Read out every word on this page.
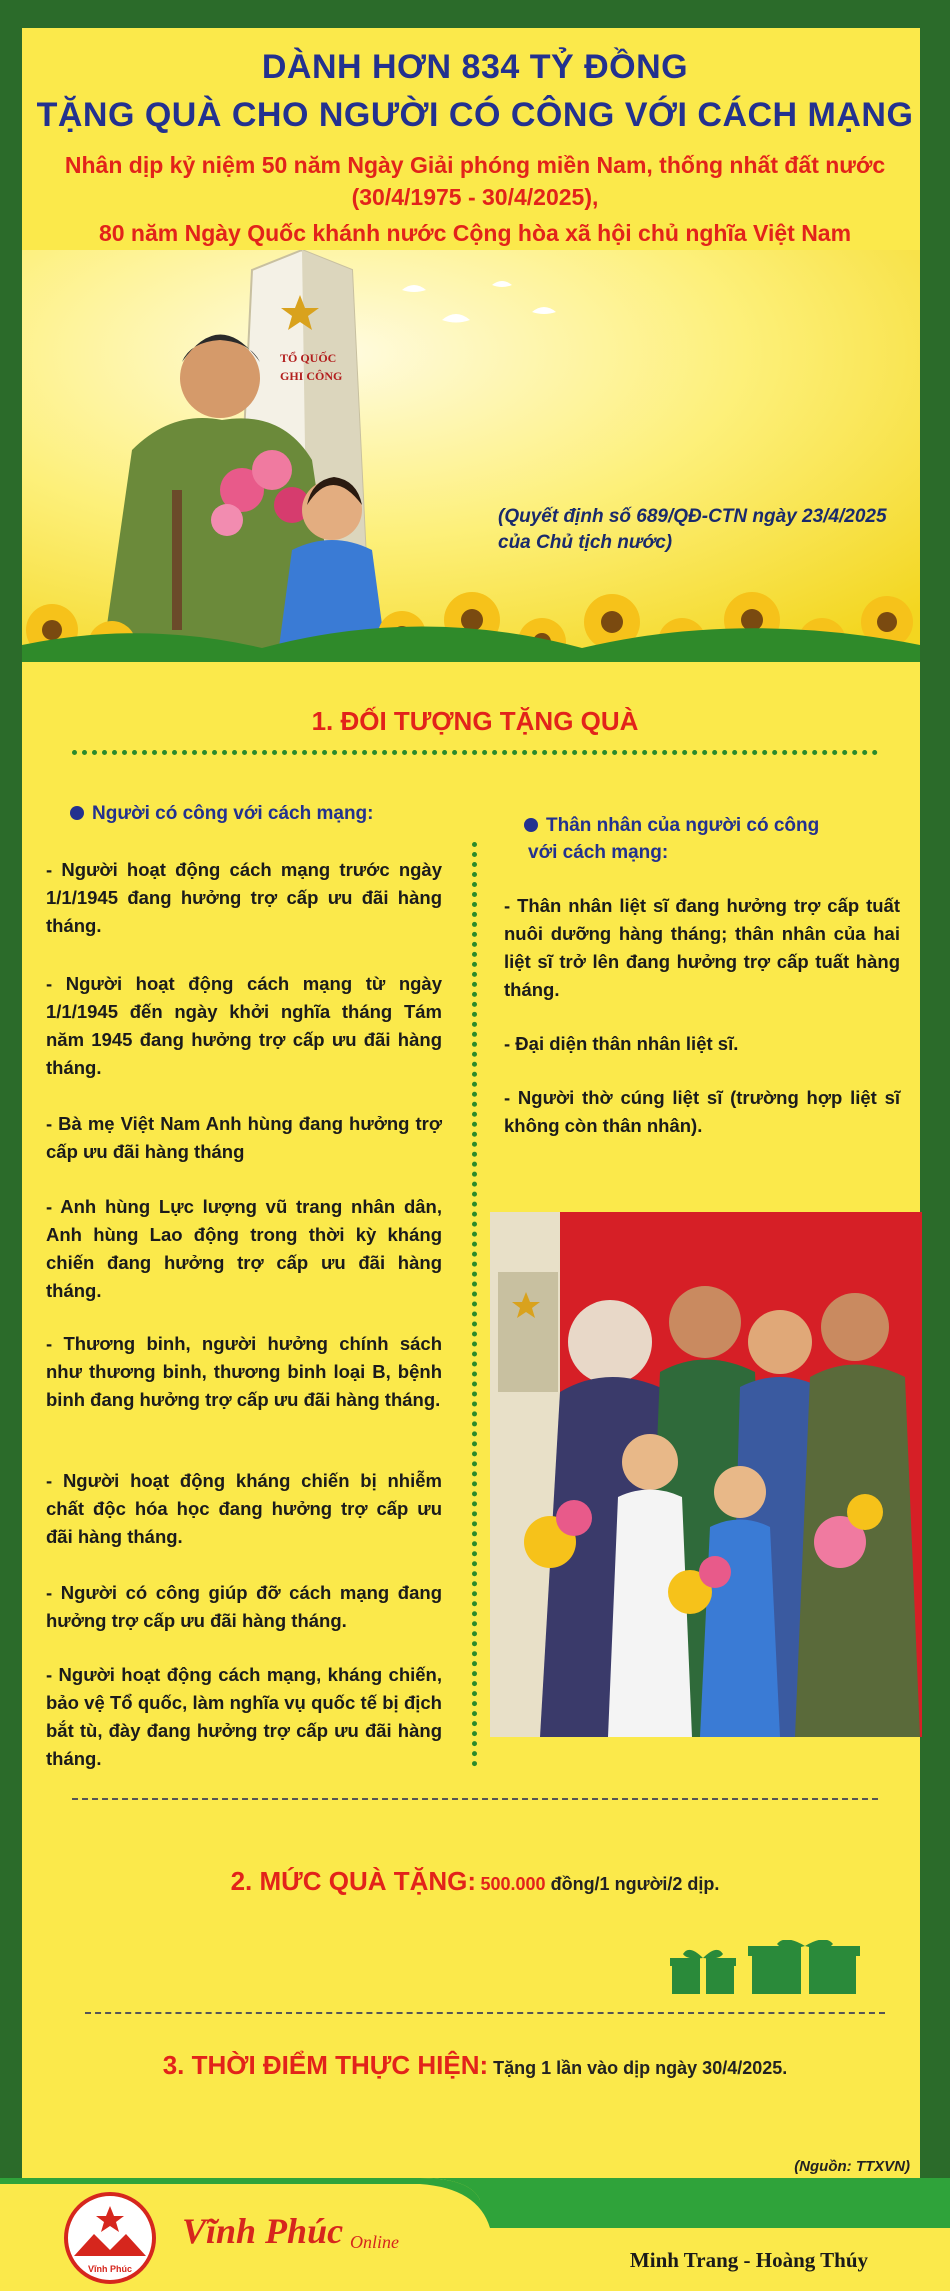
DÀNH HƠN 834 TỶ ĐỒNG
TẶNG QUÀ CHO NGƯỜI CÓ CÔNG VỚI CÁCH MẠNG
Nhân dịp kỷ niệm 50 năm Ngày Giải phóng miền Nam, thống nhất đất nước
(30/4/1975 - 30/4/2025),
80 năm Ngày Quốc khánh nước Cộng hòa xã hội chủ nghĩa Việt Nam
TỔ QUỐC
GHI CÔNG
(Quyết định số 689/QĐ-CTN ngày 23/4/2025
của Chủ tịch nước)
1. ĐỐI TƯỢNG TẶNG QUÀ
Người có công với cách mạng:
Thân nhân của người có công
với cách mạng:
2. MỨC QUÀ TẶNG: 500.000 đồng/1 người/2 dịp.
3. THỜI ĐIỂM THỰC HIỆN: Tặng 1 lần vào dịp ngày 30/4/2025.
(Nguồn: TTXVN)
Vĩnh Phúc
Vĩnh Phúc Online
Minh Trang - Hoàng Thúy
- Người hoạt động cách mạng trước ngày 1/1/1945 đang hưởng trợ cấp ưu đãi hàng tháng.
- Người hoạt động cách mạng từ ngày 1/1/1945 đến ngày khởi nghĩa tháng Tám năm 1945 đang hưởng trợ cấp ưu đãi hàng tháng.
- Bà mẹ Việt Nam Anh hùng đang hưởng trợ cấp ưu đãi hàng tháng
- Anh hùng Lực lượng vũ trang nhân dân, Anh hùng Lao động trong thời kỳ kháng chiến đang hưởng trợ cấp ưu đãi hàng tháng.
- Thương binh, người hưởng chính sách như thương binh, thương binh loại B, bệnh binh đang hưởng trợ cấp ưu đãi hàng tháng.
- Người hoạt động kháng chiến bị nhiễm chất độc hóa học đang hưởng trợ cấp ưu đãi hàng tháng.
- Người có công giúp đỡ cách mạng đang hưởng trợ cấp ưu đãi hàng tháng.
- Người hoạt động cách mạng, kháng chiến, bảo vệ Tổ quốc, làm nghĩa vụ quốc tế bị địch bắt tù, đày đang hưởng trợ cấp ưu đãi hàng tháng.
- Thân nhân liệt sĩ đang hưởng trợ cấp tuất nuôi dưỡng hàng tháng; thân nhân của hai liệt sĩ trở lên đang hưởng trợ cấp tuất hàng tháng.
- Đại diện thân nhân liệt sĩ.
- Người thờ cúng liệt sĩ (trường hợp liệt sĩ không còn thân nhân).
